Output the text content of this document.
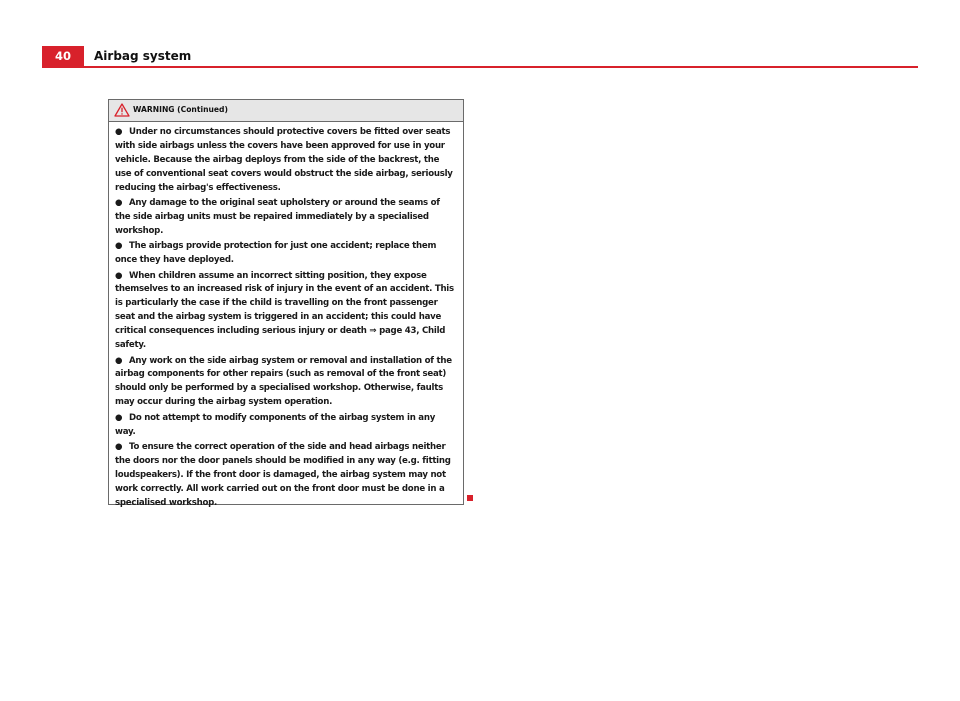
40	Airbag system
WARNING (Continued)

● Under no circumstances should protective covers be fitted over seats with side airbags unless the covers have been approved for use in your vehicle. Because the airbag deploys from the side of the backrest, the use of conventional seat covers would obstruct the side airbag, seriously reducing the airbag's effectiveness.

● Any damage to the original seat upholstery or around the seams of the side airbag units must be repaired immediately by a specialised workshop.

● The airbags provide protection for just one accident; replace them once they have deployed.

● When children assume an incorrect sitting position, they expose themselves to an increased risk of injury in the event of an accident. This is particularly the case if the child is travelling on the front passenger seat and the airbag system is triggered in an accident; this could have critical consequences including serious injury or death ⇒ page 43, Child safety.

● Any work on the side airbag system or removal and installation of the airbag components for other repairs (such as removal of the front seat) should only be performed by a specialised workshop. Otherwise, faults may occur during the airbag system operation.

● Do not attempt to modify components of the airbag system in any way.

● To ensure the correct operation of the side and head airbags neither the doors nor the door panels should be modified in any way (e.g. fitting loudspeakers). If the front door is damaged, the airbag system may not work correctly. All work carried out on the front door must be done in a specialised workshop.
